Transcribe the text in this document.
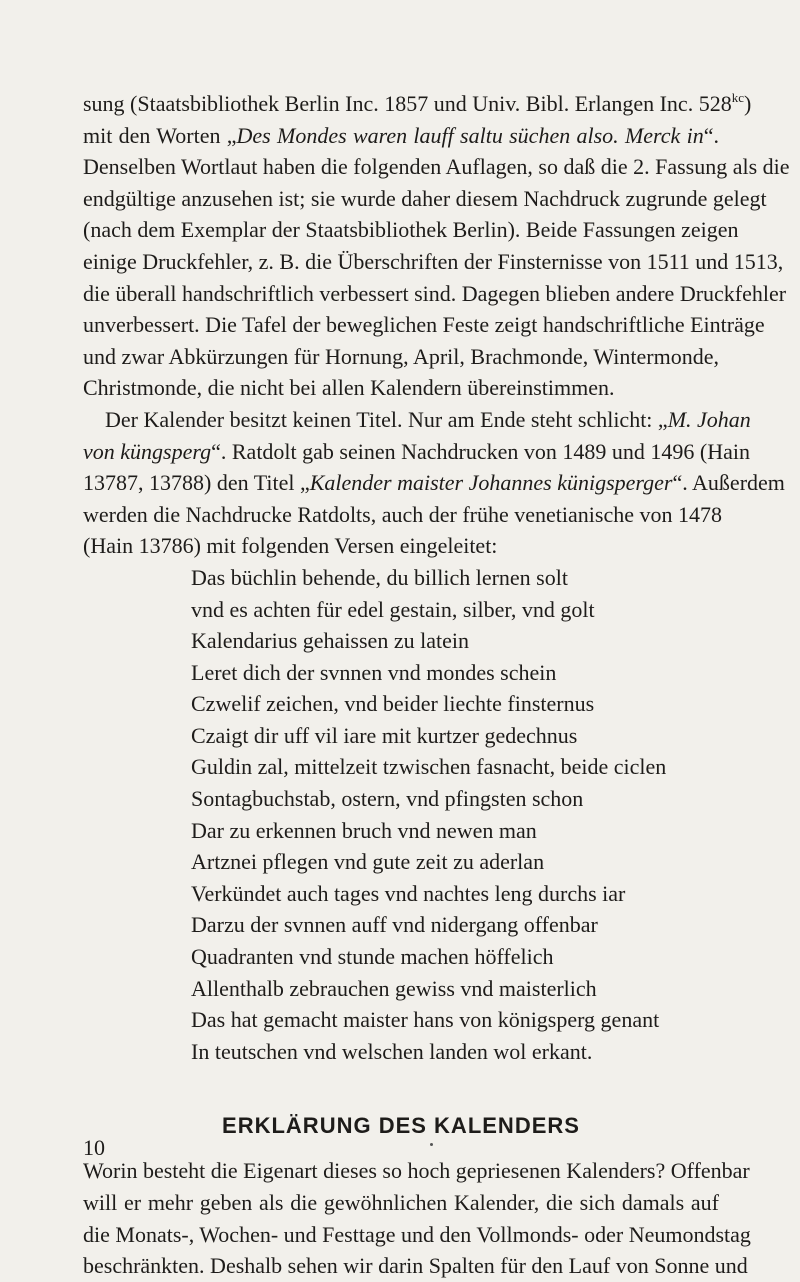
sung (Staatsbibliothek Berlin Inc. 1857 und Univ. Bibl. Erlangen Inc. $528^{kc}$)
mit den Worten „Des Mondes waren lauff saltu süchen also. Merck in“.
Denselben Wortlaut haben die folgenden Auflagen, so daß die 2. Fassung als die
endgültige anzusehen ist; sie wurde daher diesem Nachdruck zugrunde gelegt
(nach dem Exemplar der Staatsbibliothek Berlin). Beide Fassungen zeigen
einige Druckfehler, z. B. die Überschriften der Finsternisse von 1511 und 1513,
die überall handschriftlich verbessert sind. Dagegen blieben andere Druckfehler
unverbessert. Die Tafel der beweglichen Feste zeigt handschriftliche Einträge
und zwar Abkürzungen für Hornung, April, Brachmonde, Wintermonde,
Christmonde, die nicht bei allen Kalendern übereinstimmen.

Der Kalender besitzt keinen Titel. Nur am Ende steht schlicht: „M. Johan
von küngsperg“. Ratdolt gab seinen Nachdrucken von 1489 und 1496 (Hain
13787, 13788) den Titel „Kalender maister Johannes künigsperger“. Außerdem
werden die Nachdrucke Ratdolts, auch der frühe venetianische von 1478
(Hain 13786) mit folgenden Versen eingeleitet:

Das büchlin behende, du billich lernen solt
vnd es achten für edel gestain, silber, vnd golt
Kalendarius gehaissen zu latein
Leret dich der svnnen vnd mondes schein
Czwelif zeichen, vnd beider liechte finsternus
Czaigt dir uff vil iare mit kurtzer gedechnus
Guldin zal, mittelzeit tzwischen fasnacht, beide ciclen
Sontagbuchstab, ostern, vnd pfingsten schon
Dar zu erkennen bruch vnd newen man
Artznei pflegen vnd gute zeit zu aderlan
Verkündet auch tages vnd nachtes leng durchs iar
Darzu der svnnen auff vnd nidergang offenbar
Quadranten vnd stunde machen höffelich
Allenthalb zebrauchen gewiss vnd maisterlich
Das hat gemacht maister hans von königsperg genant
In teutschen vnd welschen landen wol erkant.
ERKLÄRUNG DES KALENDERS

Worin besteht die Eigenart dieses so hoch gepriesenen Kalenders? Offenbar
will er mehr geben als die gewöhnlichen Kalender, die sich damals auf
die Monats-, Wochen- und Festtage und den Vollmonds- oder Neumondstag
beschränkten. Deshalb sehen wir darin Spalten für den Lauf von Sonne und

10
